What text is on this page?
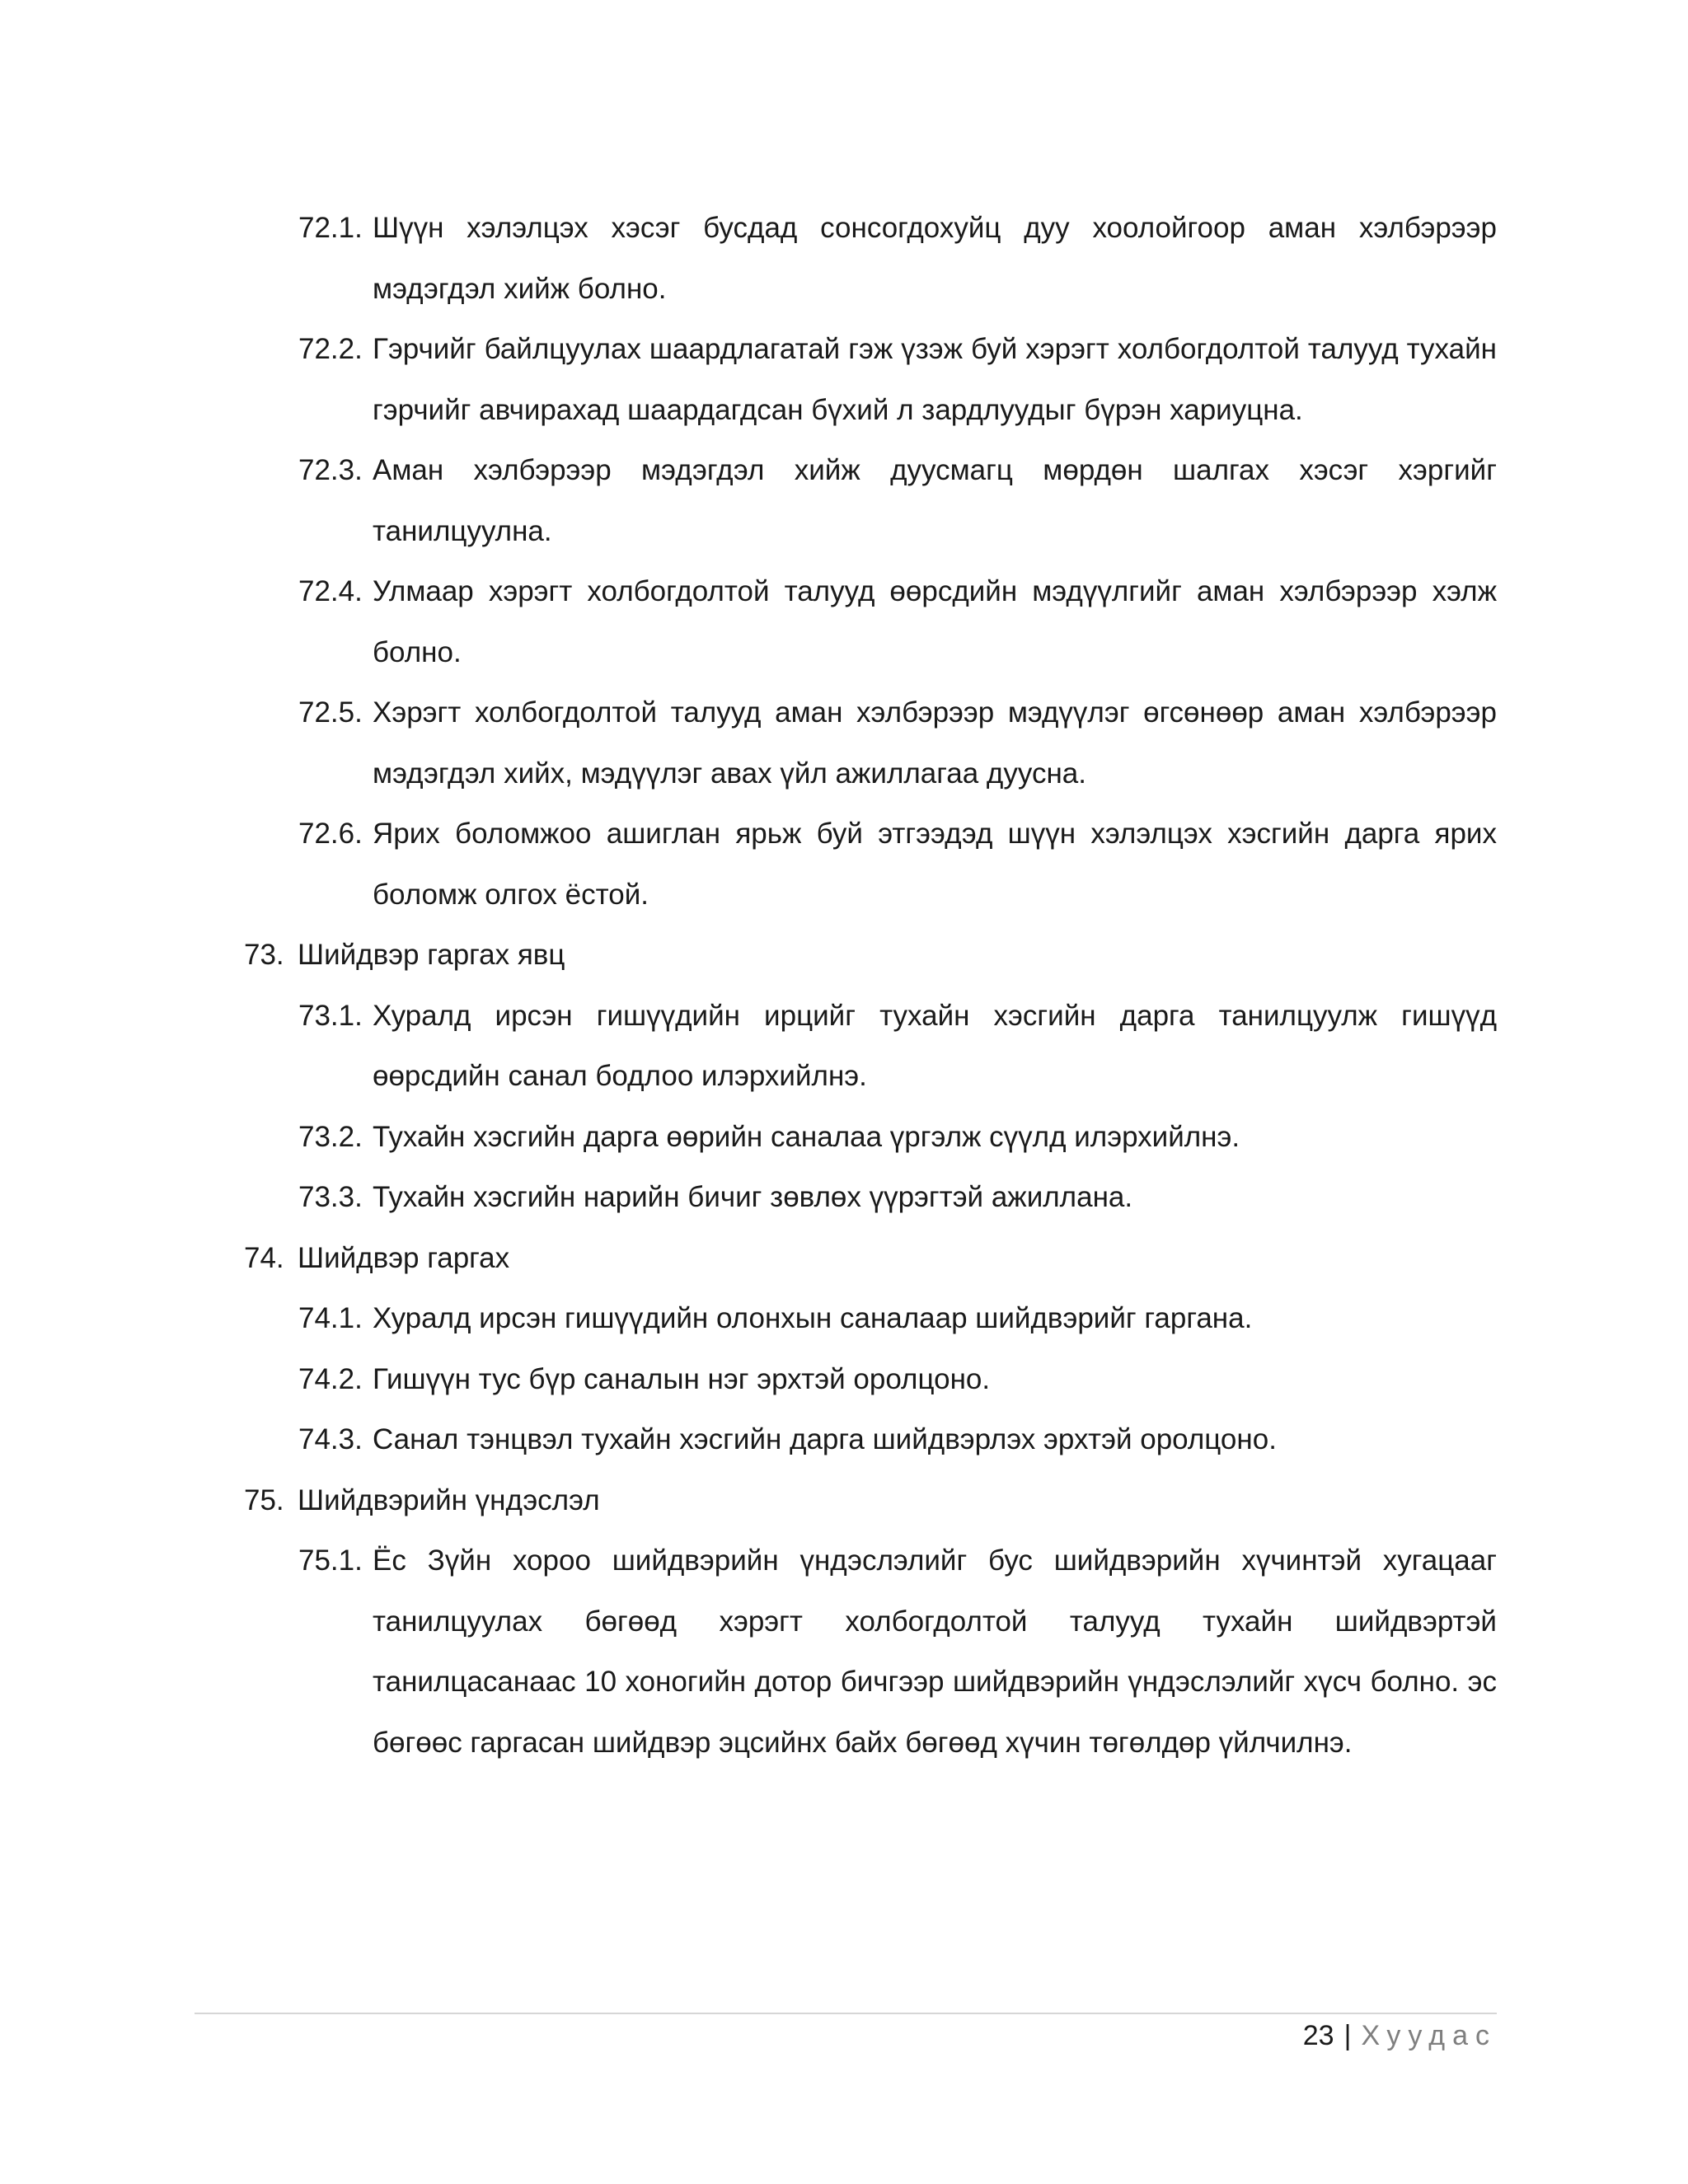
72.1. Шүүн хэлэлцэх хэсэг бусдад сонсогдохуйц дуу хоолойгоор аман хэлбэрээр мэдэгдэл хийж болно.
72.2. Гэрчийг байлцуулах шаардлагатай гэж үзэж буй хэрэгт холбогдолтой талууд тухайн гэрчийг авчирахад шаардагдсан бүхий л зардлуудыг бүрэн хариуцна.
72.3. Аман хэлбэрээр мэдэгдэл хийж дуусмагц мөрдөн шалгах хэсэг хэргийг танилцуулна.
72.4. Улмаар хэрэгт холбогдолтой талууд өөрсдийн мэдүүлгийг аман хэлбэрээр хэлж болно.
72.5. Хэрэгт холбогдолтой талууд аман хэлбэрээр мэдүүлэг өгсөнөөр аман хэлбэрээр мэдэгдэл хийх, мэдүүлэг авах үйл ажиллагаа дуусна.
72.6. Ярих боломжоо ашиглан ярьж буй этгээдэд шүүн хэлэлцэх хэсгийн дарга ярих боломж олгох ёстой.
73. Шийдвэр гаргах явц
73.1. Хуралд ирсэн гишүүдийн ирцийг тухайн хэсгийн дарга танилцуулж гишүүд өөрсдийн санал бодлоо илэрхийлнэ.
73.2. Тухайн хэсгийн дарга өөрийн саналаа үргэлж сүүлд илэрхийлнэ.
73.3. Тухайн хэсгийн нарийн бичиг зөвлөх үүрэгтэй ажиллана.
74. Шийдвэр гаргах
74.1. Хуралд ирсэн гишүүдийн олонхын саналаар шийдвэрийг гаргана.
74.2. Гишүүн тус бүр саналын нэг эрхтэй оролцоно.
74.3. Санал тэнцвэл тухайн хэсгийн дарга шийдвэрлэх эрхтэй оролцоно.
75. Шийдвэрийн үндэслэл
75.1. Ёс Зүйн хороо шийдвэрийн үндэслэлийг бус шийдвэрийн хүчинтэй хугацааг танилцуулах бөгөөд хэрэгт холбогдолтой талууд тухайн шийдвэртэй танилцасанаас 10 хоногийн дотор бичгээр шийдвэрийн үндэслэлийг хүсч болно. эс бөгөөс гаргасан шийдвэр эцсийнх байх бөгөөд хүчин төгөлдөр үйлчилнэ.
23 | Хуудас
